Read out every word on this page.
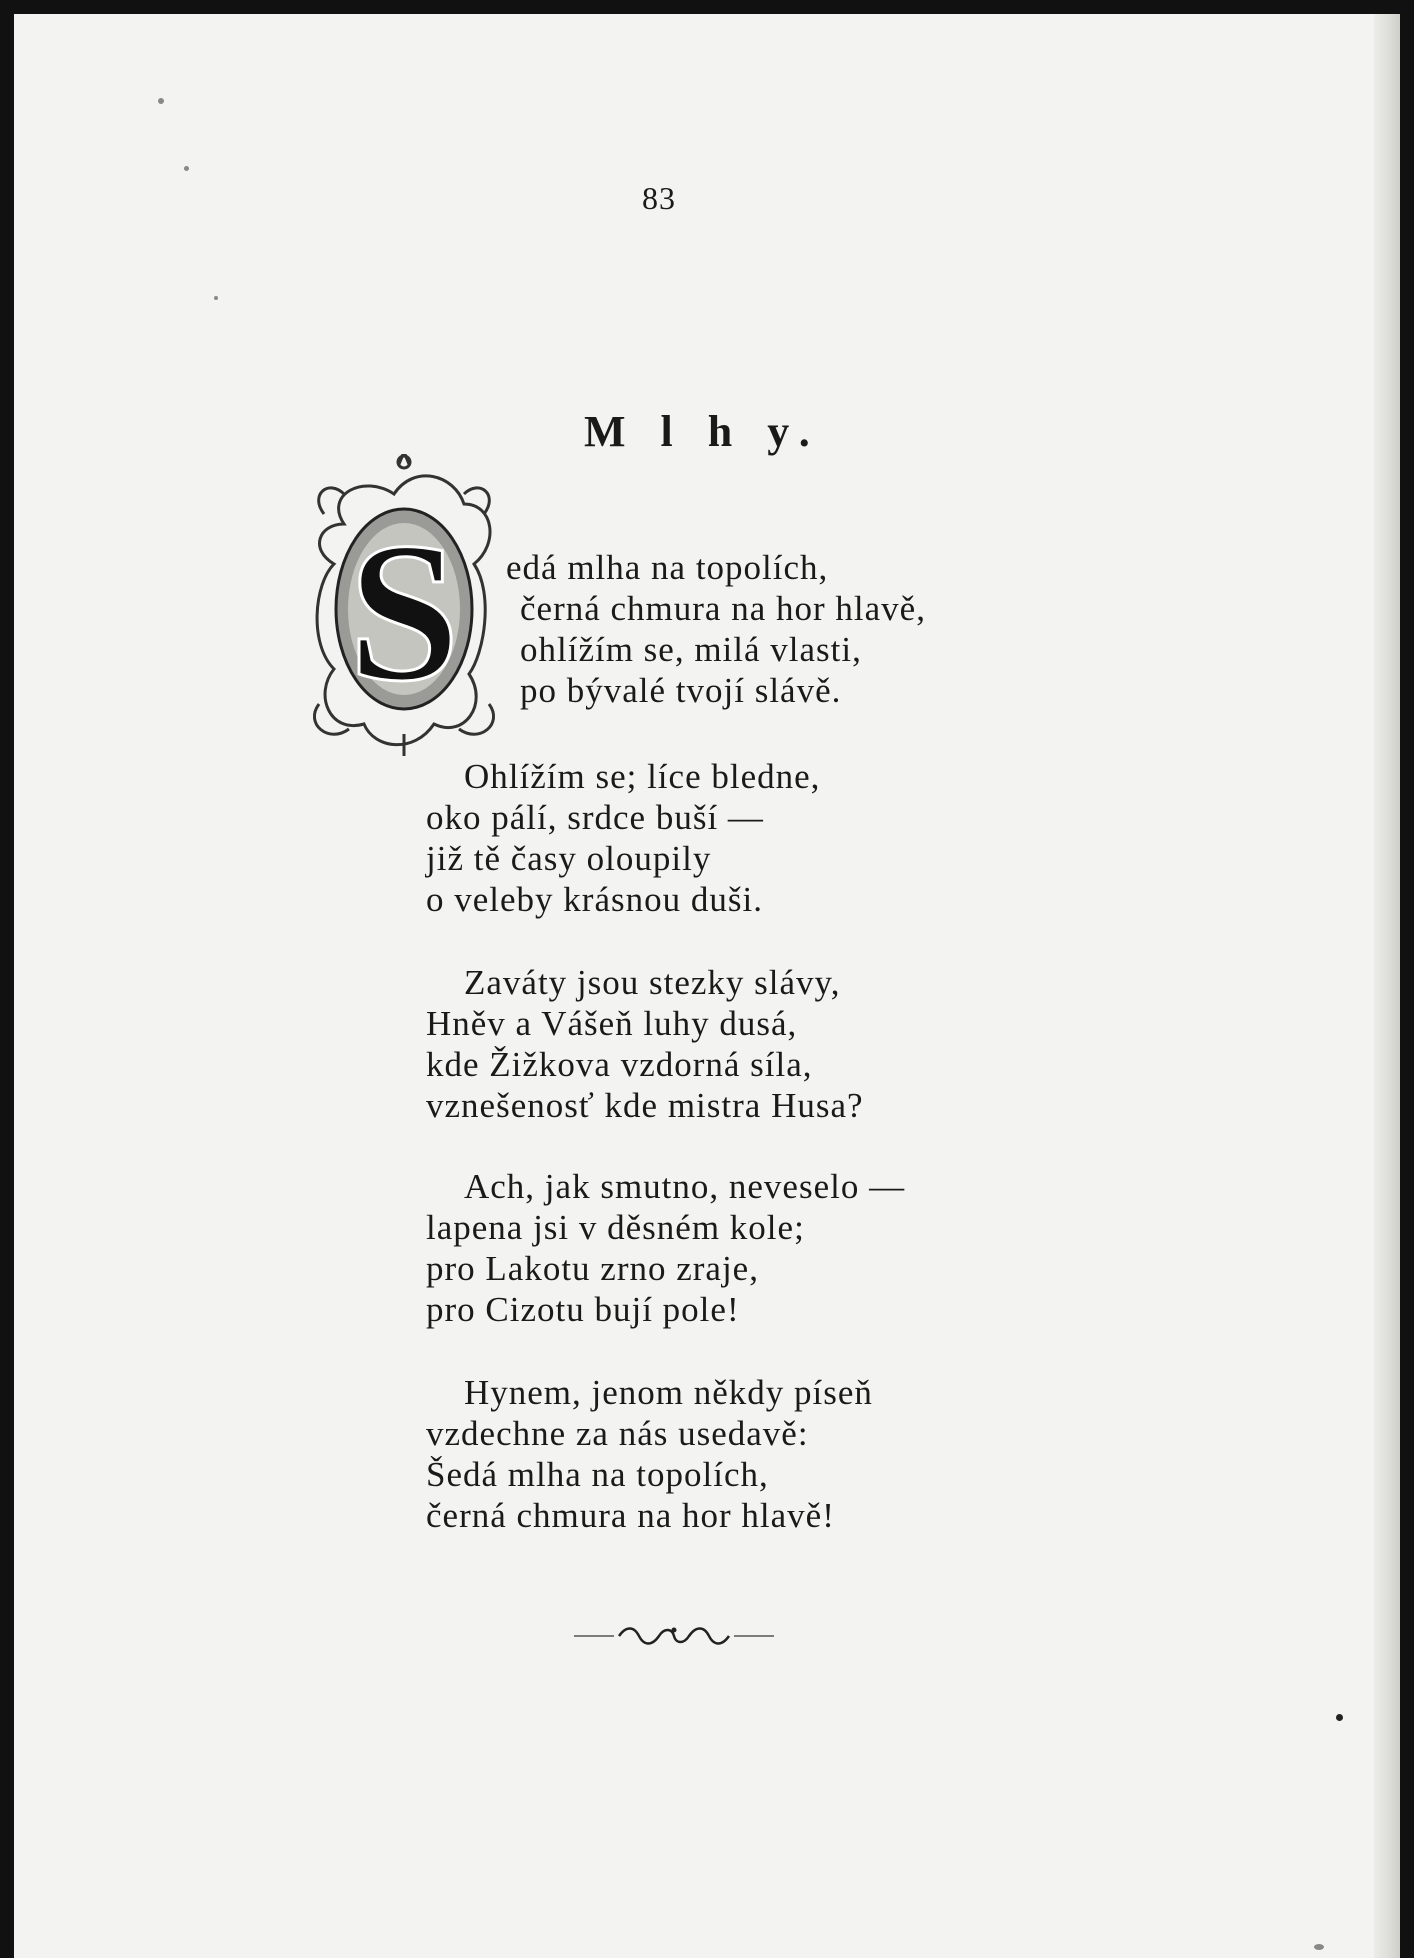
83
M l h y.
S edá mlha na topolích,
černá chmura na hor hlavě,
ohlížím se, milá vlasti,
po bývalé tvojí slávě.
Ohlížím se; líce bledne,
oko pálí, srdce buší —
již tě časy oloupily
o veleby krásnou duši.
Zaváty jsou stezky slávy,
Hněv a Vášeň luhy dusá,
kde Žižkova vzdorná síla,
vznešenosť kde mistra Husa?
Ach, jak smutno, neveselo —
lapena jsi v děsném kole;
pro Lakotu zrno zraje,
pro Cizotu bují pole!
Hynem, jenom někdy píseň
vzdechne za nás usedavě:
Šedá mlha na topolích,
černá chmura na hor hlavě!
